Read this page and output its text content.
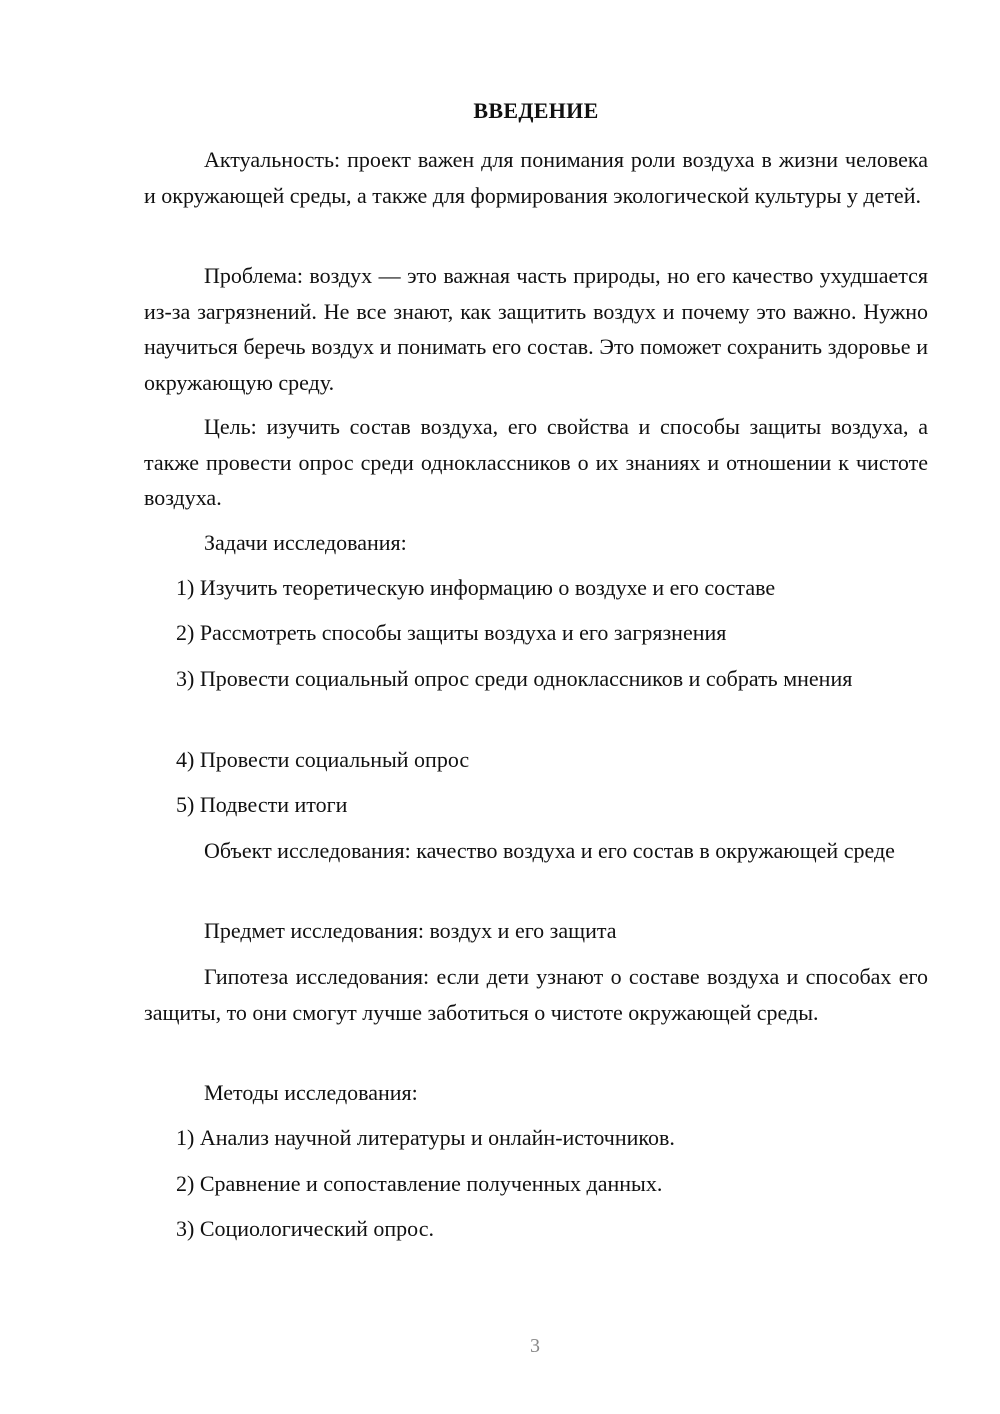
ВВЕДЕНИЕ

Актуальность: проект важен для понимания роли воздуха в жизни человека и окружающей среды, а также для формирования экологической культуры у детей.

Проблема: воздух — это важная часть природы, но его качество ухудшается из-за загрязнений. Не все знают, как защитить воздух и почему это важно. Нужно научиться беречь воздух и понимать его состав. Это поможет сохранить здоровье и окружающую среду.

Цель: изучить состав воздуха, его свойства и способы защиты воздуха, а также провести опрос среди одноклассников о их знаниях и отношении к чистоте воздуха.

Задачи исследования:

1) Изучить теоретическую информацию о воздухе и его составе

2) Рассмотреть способы защиты воздуха и его загрязнения

3) Провести социальный опрос среди одноклассников и собрать мнения

4) Провести социальный опрос

5) Подвести итоги

Объект исследования: качество воздуха и его состав в окружающей среде

Предмет исследования: воздух и его защита

Гипотеза исследования: если дети узнают о составе воздуха и способах его защиты, то они смогут лучше заботиться о чистоте окружающей среды.

Методы исследования:

1) Анализ научной литературы и онлайн-источников.

2) Сравнение и сопоставление полученных данных.

3) Социологический опрос.

3
